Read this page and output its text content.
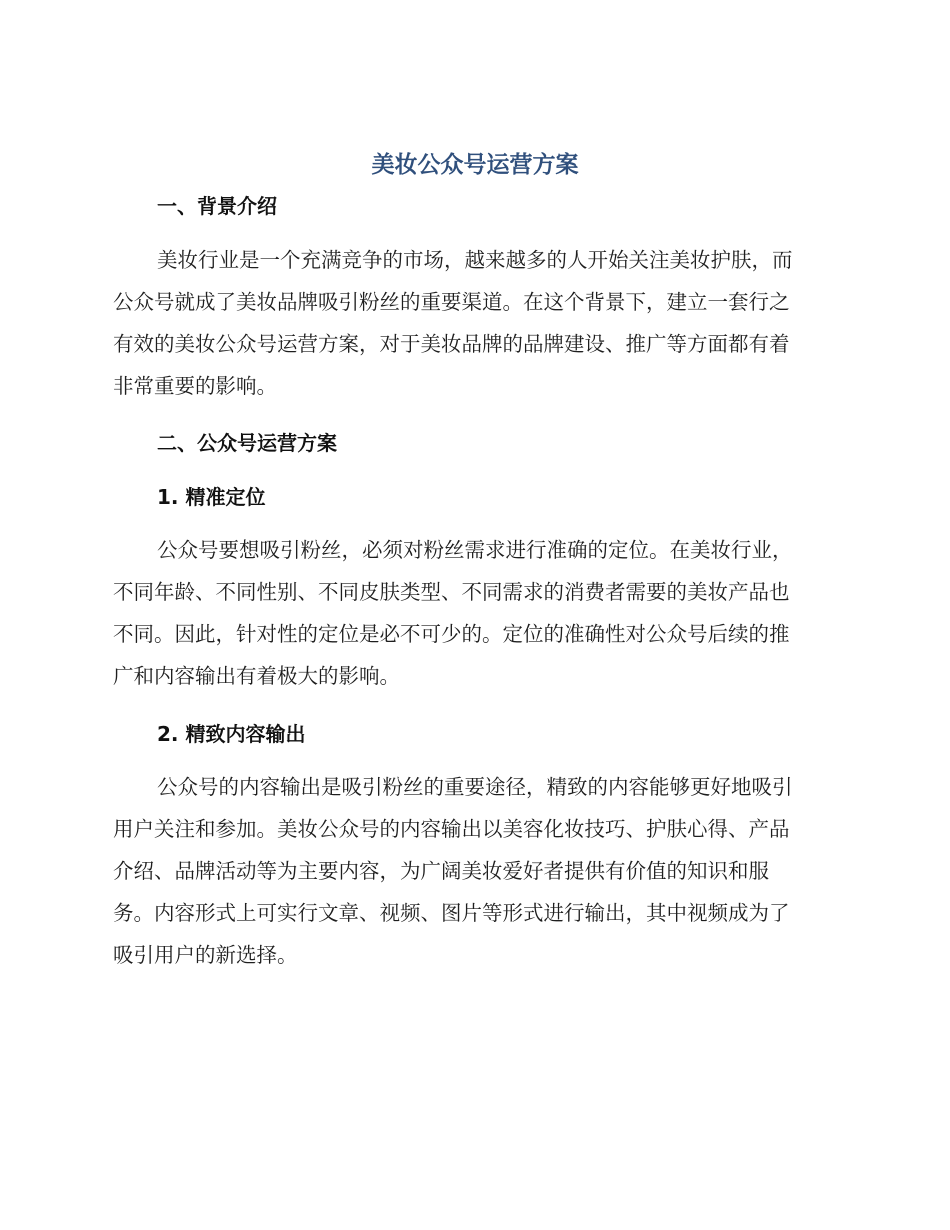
美妆公众号运营方案
一、背景介绍

美妆行业是一个充满竞争的市场，越来越多的人开始关注美妆护肤，而
公众号就成了美妆品牌吸引粉丝的重要渠道。在这个背景下，建立一套行之
有效的美妆公众号运营方案，对于美妆品牌的品牌建设、推广等方面都有着
非常重要的影响。

二、公众号运营方案
1. 精准定位

公众号要想吸引粉丝，必须对粉丝需求进行准确的定位。在美妆行业，
不同年龄、不同性别、不同皮肤类型、不同需求的消费者需要的美妆产品也
不同。因此，针对性的定位是必不可少的。定位的准确性对公众号后续的推
广和内容输出有着极大的影响。

2. 精致内容输出

公众号的内容输出是吸引粉丝的重要途径，精致的内容能够更好地吸引
用户关注和参加。美妆公众号的内容输出以美容化妆技巧、护肤心得、产品
介绍、品牌活动等为主要内容，为广阔美妆爱好者提供有价值的知识和服
务。内容形式上可实行文章、视频、图片等形式进行输出，其中视频成为了
吸引用户的新选择。
